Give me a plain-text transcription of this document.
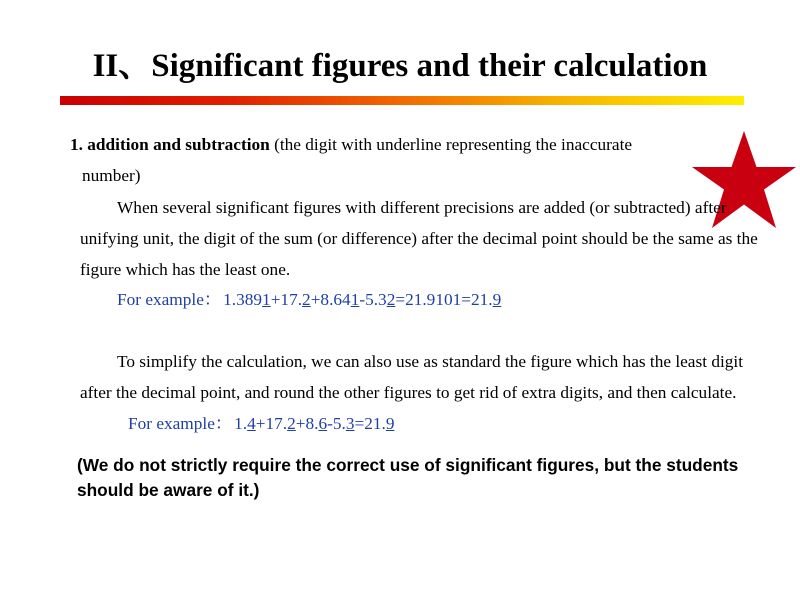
II、Significant figures and their calculation
1. addition and subtraction (the digit with underline representing the inaccurate
number)
When several significant figures with different precisions are added (or subtracted) after unifying unit, the digit of the sum (or difference) after the decimal point should be the same as the figure which has the least one.
For example： 1.3891+17.2+8.641-5.32=21.9101=21.9
To simplify the calculation, we can also use as standard the figure which has the least digit after the decimal point, and round the other figures to get rid of extra digits, and then calculate.
For example： 1.4+17.2+8.6-5.3=21.9
(We do not strictly require the correct use of significant figures, but the students should be aware of it.)
